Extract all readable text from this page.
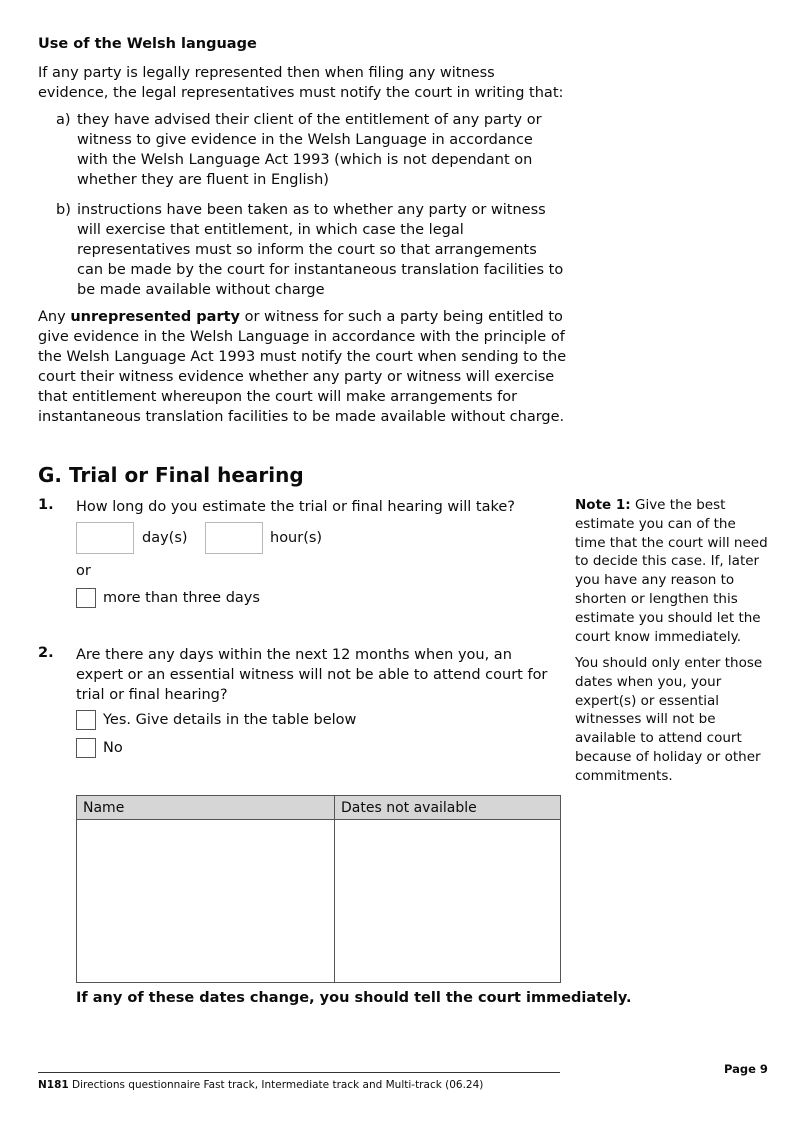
Use of the Welsh language
If any party is legally represented then when filing any witness evidence, the legal representatives must notify the court in writing that:
a) they have advised their client of the entitlement of any party or witness to give evidence in the Welsh Language in accordance with the Welsh Language Act 1993 (which is not dependant on whether they are fluent in English)
b) instructions have been taken as to whether any party or witness will exercise that entitlement, in which case the legal representatives must so inform the court so that arrangements can be made by the court for instantaneous translation facilities to be made available without charge
Any unrepresented party or witness for such a party being entitled to give evidence in the Welsh Language in accordance with the principle of the Welsh Language Act 1993 must notify the court when sending to the court their witness evidence whether any party or witness will exercise that entitlement whereupon the court will make arrangements for instantaneous translation facilities to be made available without charge.
G. Trial or Final hearing
1. How long do you estimate the trial or final hearing will take?
day(s)	hour(s)
or
more than three days
2. Are there any days within the next 12 months when you, an expert or an essential witness will not be able to attend court for trial or final hearing?
Yes. Give details in the table below
No
Name	Dates not available

If any of these dates change, you should tell the court immediately.
Note 1: Give the best estimate you can of the time that the court will need to decide this case. If, later you have any reason to shorten or lengthen this estimate you should let the court know immediately.
You should only enter those dates when you, your expert(s) or essential witnesses will not be available to attend court because of holiday or other commitments.
Page 9
N181 Directions questionnaire Fast track, Intermediate track and Multi-track (06.24)
